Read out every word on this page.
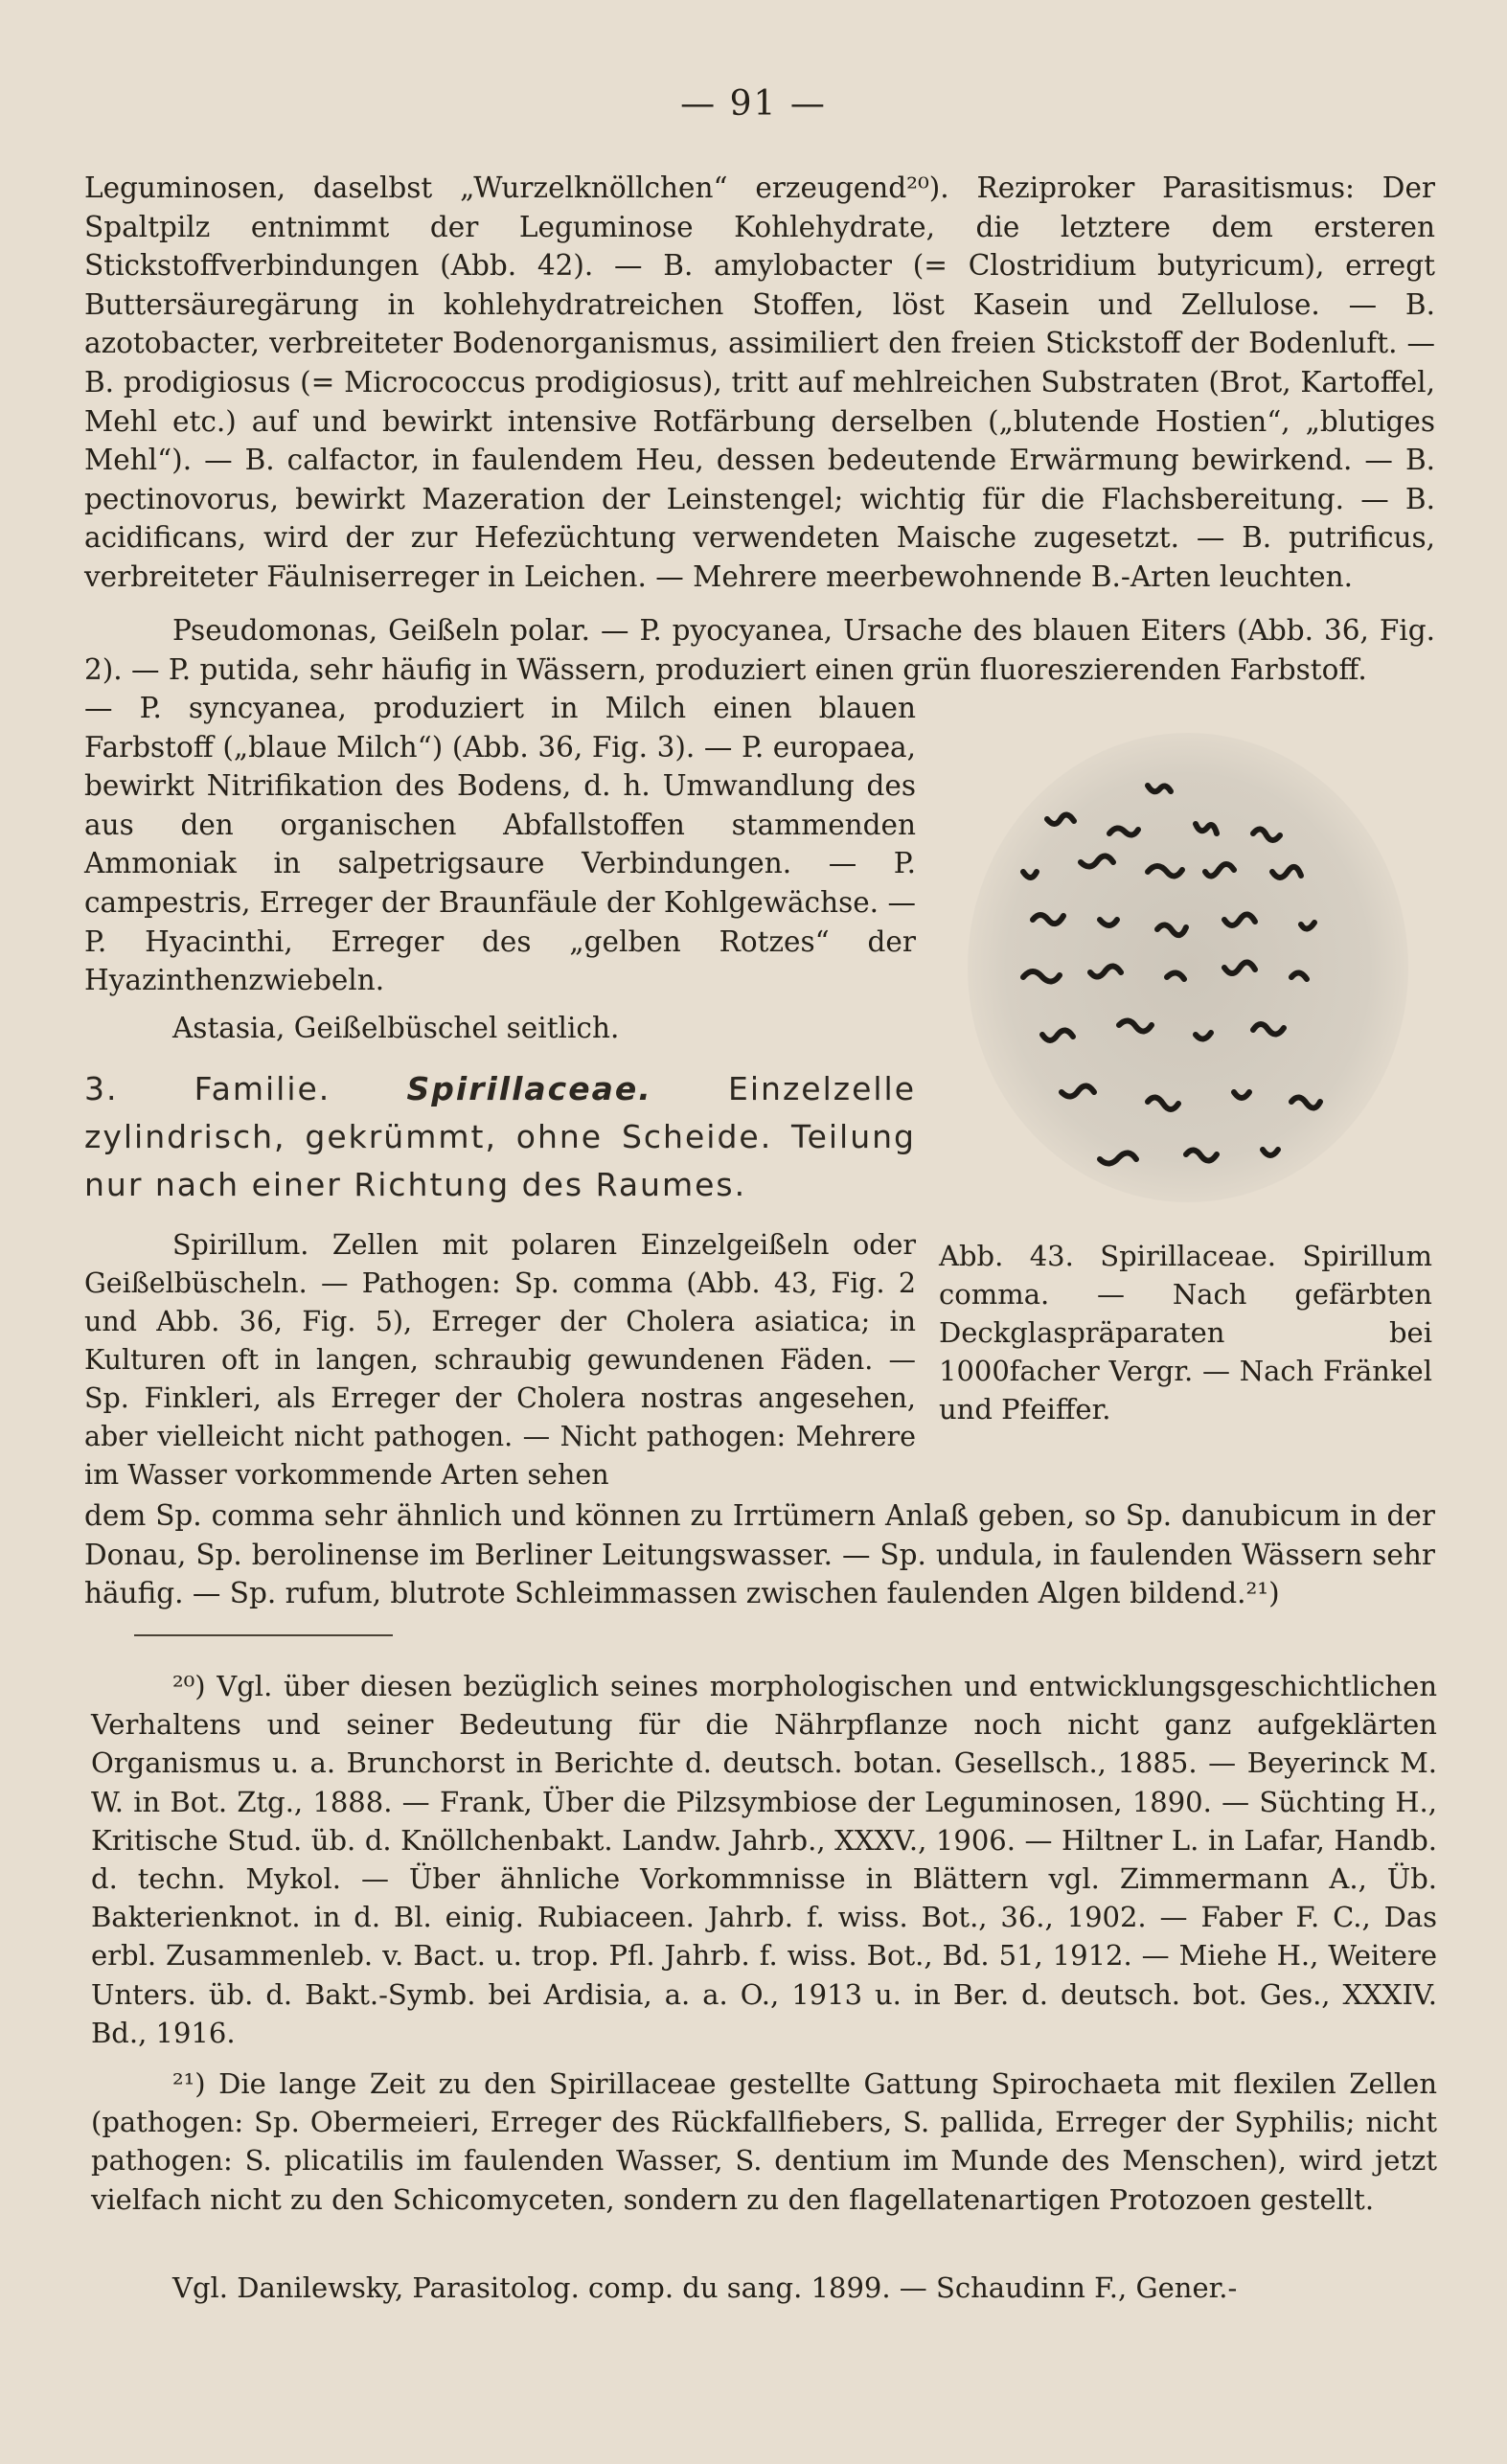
— 91 —
Leguminosen, daselbst „Wurzelknöllchen“ erzeugend²⁰). Reziproker Parasitismus: Der Spaltpilz entnimmt der Leguminose Kohlehydrate, die letztere dem ersteren Stickstoffverbindungen (Abb. 42). — B. amylobacter (= Clostridium butyricum), erregt Buttersäuregärung in kohlehydratreichen Stoffen, löst Kasein und Zellulose. — B. azotobacter, verbreiteter Bodenorganismus, assimiliert den freien Stickstoff der Bodenluft. — B. prodigiosus (= Micrococcus prodigiosus), tritt auf mehlreichen Substraten (Brot, Kartoffel, Mehl etc.) auf und bewirkt intensive Rotfärbung derselben („blutende Hostien“, „blutiges Mehl“). — B. calfactor, in faulendem Heu, dessen bedeutende Erwärmung bewirkend. — B. pectinovorus, bewirkt Mazeration der Leinstengel; wichtig für die Flachsbereitung. — B. acidificans, wird der zur Hefezüchtung verwendeten Maische zugesetzt. — B. putrificus, verbreiteter Fäulniserreger in Leichen. — Mehrere meerbewohnende B.-Arten leuchten.
Pseudomonas, Geißeln polar. — P. pyocyanea, Ursache des blauen Eiters (Abb. 36, Fig. 2). — P. putida, sehr häufig in Wässern, produziert einen grün fluoreszierenden Farbstoff.
— P. syncyanea, produziert in Milch einen blauen Farbstoff („blaue Milch“) (Abb. 36, Fig. 3). — P. europaea, bewirkt Nitrifikation des Bodens, d. h. Umwandlung des aus den organischen Abfallstoffen stammenden Ammoniak in salpetrigsaure Verbindungen. — P. campestris, Erreger der Braunfäule der Kohlgewächse. — P. Hyacinthi, Erreger des „gelben Rotzes“ der Hyazinthenzwiebeln.
Astasia, Geißelbüschel seitlich.
3. Familie. Spirillaceae. Einzelzelle zylindrisch, gekrümmt, ohne Scheide. Teilung nur nach einer Richtung des Raumes.
Spirillum. Zellen mit polaren Einzelgeißeln oder Geißelbüscheln. — Pathogen: Sp. comma (Abb. 43, Fig. 2 und Abb. 36, Fig. 5), Erreger der Cholera asiatica; in Kulturen oft in langen, schraubig gewundenen Fäden. — Sp. Finkleri, als Erreger der Cholera nostras angesehen, aber vielleicht nicht pathogen. — Nicht pathogen: Mehrere im Wasser vorkommende Arten sehen
dem Sp. comma sehr ähnlich und können zu Irrtümern Anlaß geben, so Sp. danubicum in der Donau, Sp. berolinense im Berliner Leitungswasser. — Sp. undula, in faulenden Wässern sehr häufig. — Sp. rufum, blutrote Schleimmassen zwischen faulenden Algen bildend.²¹)
Abb. 43. Spirillaceae. Spirillum comma. — Nach gefärbten Deckglaspräparaten bei 1000facher Vergr. — Nach Fränkel und Pfeiffer.
²⁰) Vgl. über diesen bezüglich seines morphologischen und entwicklungsgeschichtlichen Verhaltens und seiner Bedeutung für die Nährpflanze noch nicht ganz aufgeklärten Organismus u. a. Brunchorst in Berichte d. deutsch. botan. Gesellsch., 1885. — Beyerinck M. W. in Bot. Ztg., 1888. — Frank, Über die Pilzsymbiose der Leguminosen, 1890. — Süchting H., Kritische Stud. üb. d. Knöllchenbakt. Landw. Jahrb., XXXV., 1906. — Hiltner L. in Lafar, Handb. d. techn. Mykol. — Über ähnliche Vorkommnisse in Blättern vgl. Zimmermann A., Üb. Bakterienknot. in d. Bl. einig. Rubiaceen. Jahrb. f. wiss. Bot., 36., 1902. — Faber F. C., Das erbl. Zusammenleb. v. Bact. u. trop. Pfl. Jahrb. f. wiss. Bot., Bd. 51, 1912. — Miehe H., Weitere Unters. üb. d. Bakt.-Symb. bei Ardisia, a. a. O., 1913 u. in Ber. d. deutsch. bot. Ges., XXXIV. Bd., 1916.
²¹) Die lange Zeit zu den Spirillaceae gestellte Gattung Spirochaeta mit flexilen Zellen (pathogen: Sp. Obermeieri, Erreger des Rückfallfiebers, S. pallida, Erreger der Syphilis; nicht pathogen: S. plicatilis im faulenden Wasser, S. dentium im Munde des Menschen), wird jetzt vielfach nicht zu den Schicomyceten, sondern zu den flagellatenartigen Protozoen gestellt.
Vgl. Danilewsky, Parasitolog. comp. du sang. 1899. — Schaudinn F., Gener.-
